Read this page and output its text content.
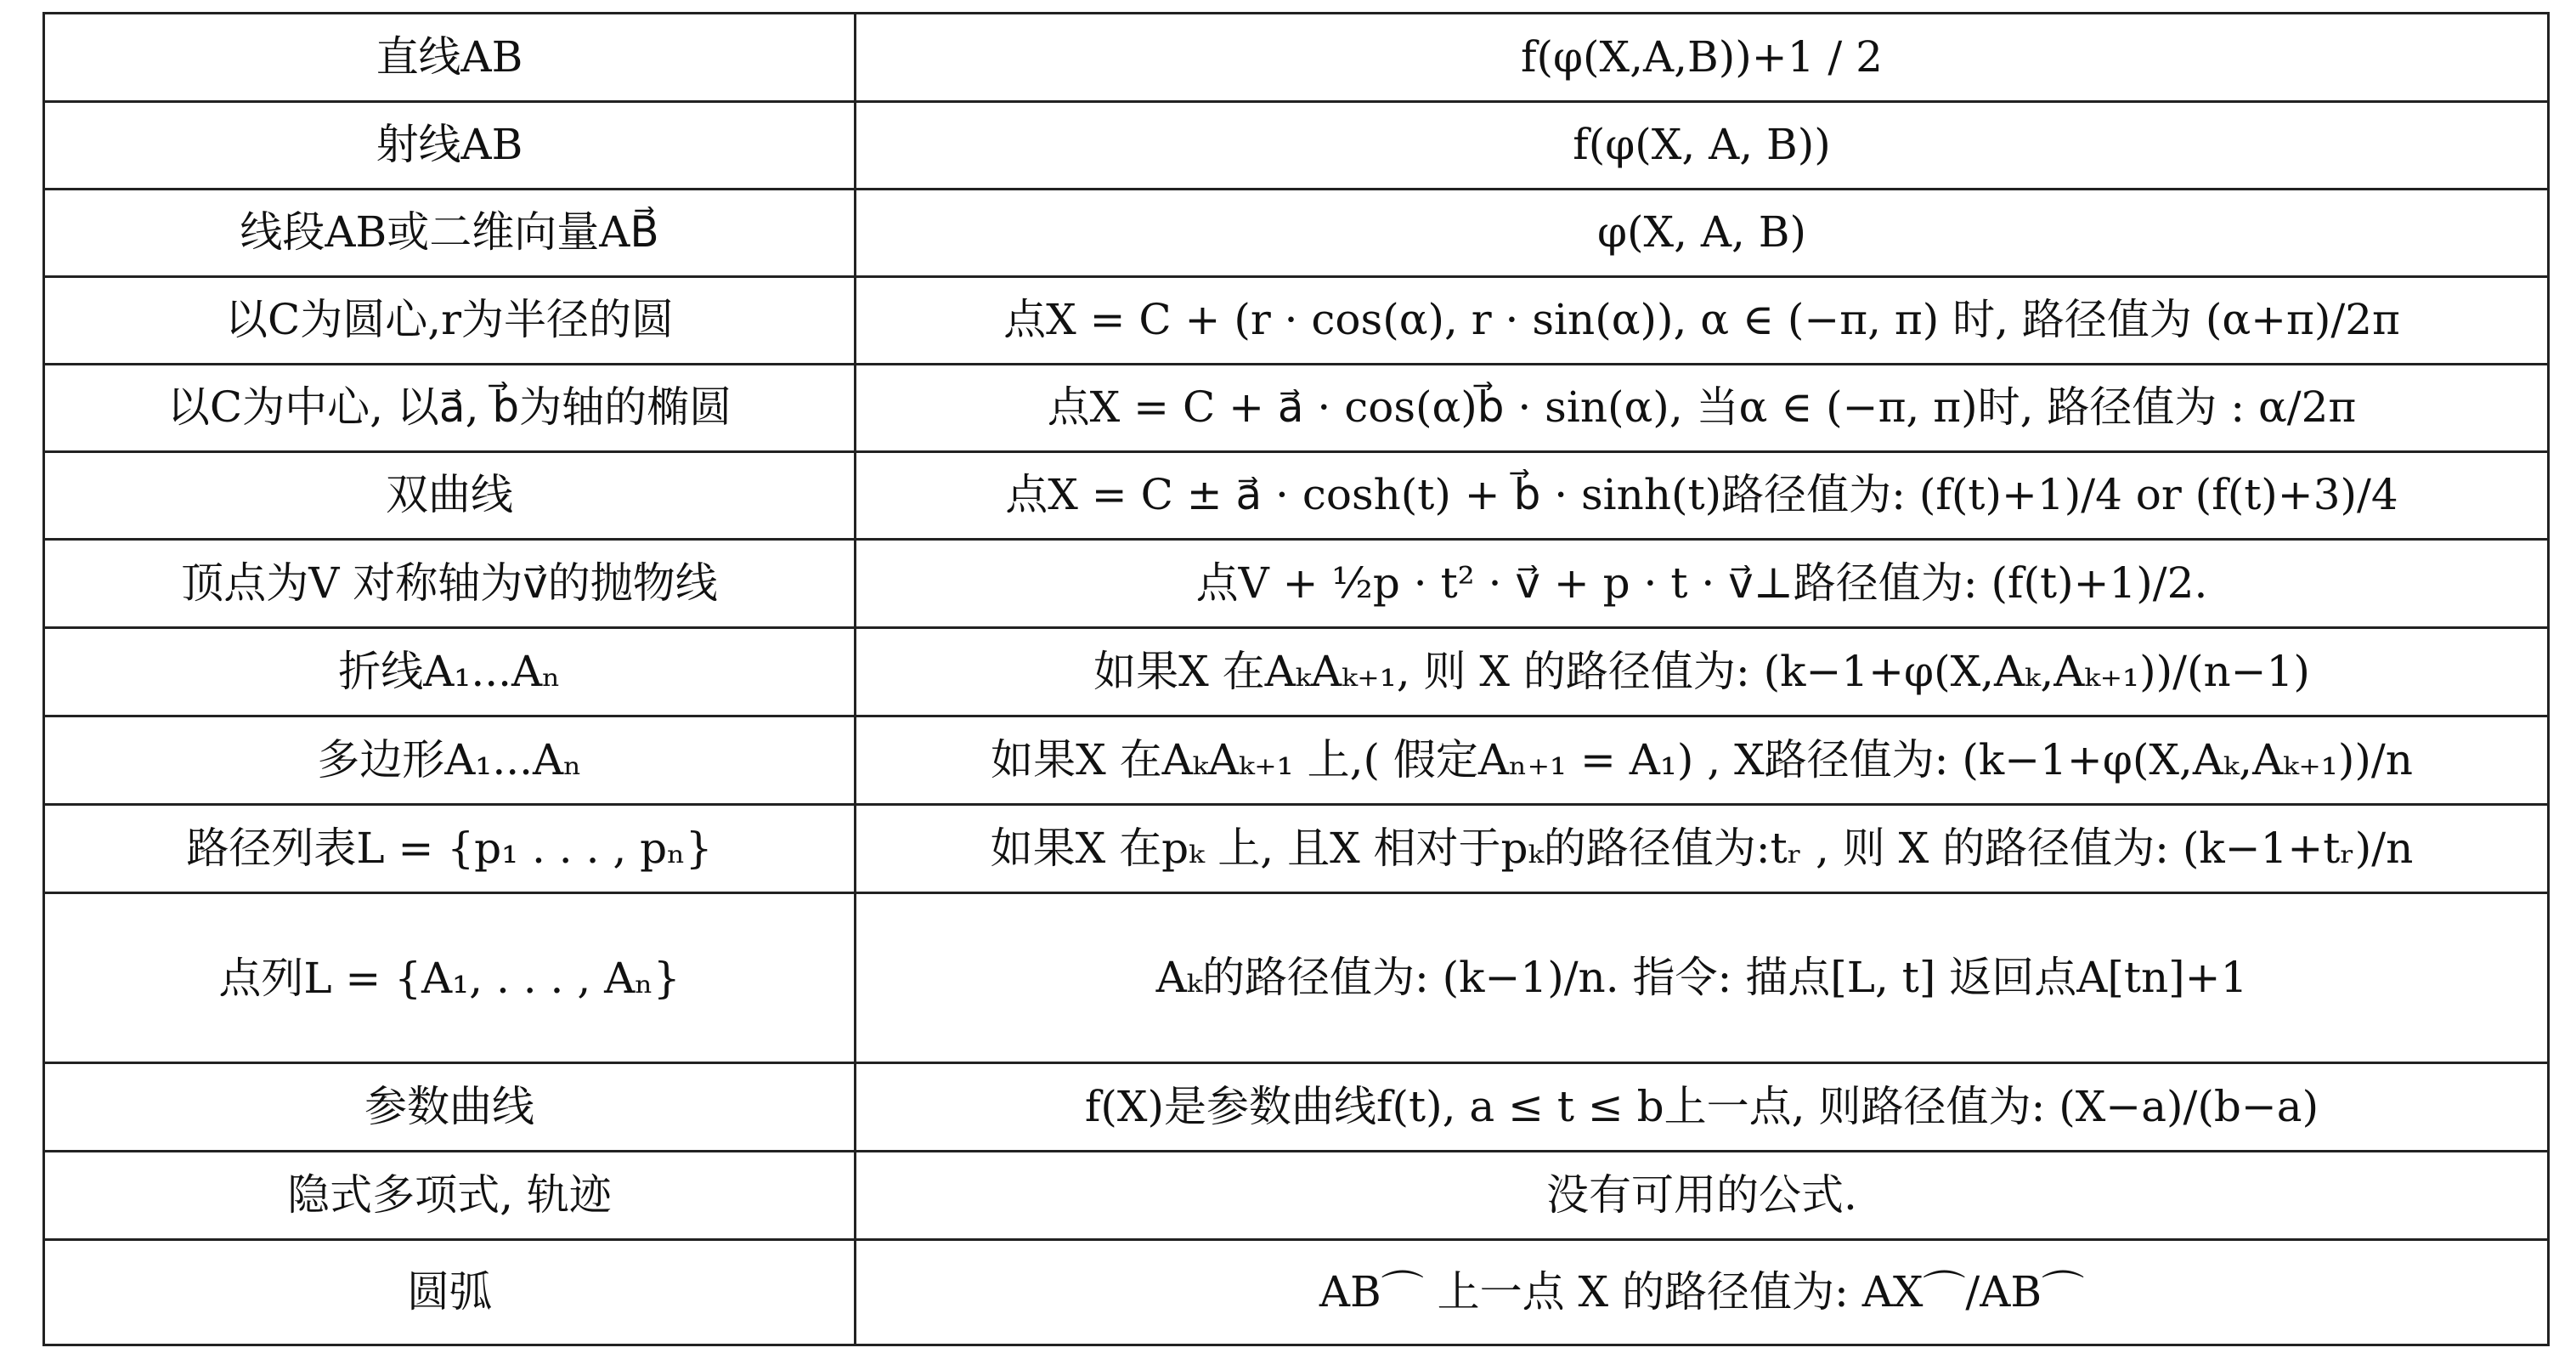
直线AB	f(φ(X,A,B))+1 / 2
射线AB	f(φ(X, A, B))
线段AB或二维向量AB⃗	φ(X, A, B)
以C为圆心,r为半径的圆	点X = C + (r · cos(α), r · sin(α)), α ∈ (−π, π) 时, 路径值为 (α+π)/2π
以C为中心, 以a⃗, b⃗为轴的椭圆	点X = C + a⃗ · cos(α)b⃗ · sin(α), 当α ∈ (−π, π)时, 路径值为 : α/2π
双曲线	点X = C ± a⃗ · cosh(t) + b⃗ · sinh(t)路径值为: (f(t)+1)/4 or (f(t)+3)/4
顶点为V 对称轴为v⃗的抛物线	点V + ½p · t² · v⃗ + p · t · v⃗⊥路径值为: (f(t)+1)/2.
折线A₁...Aₙ	如果X 在AₖAₖ₊₁, 则 X 的路径值为: (k−1+φ(X,Aₖ,Aₖ₊₁))/(n−1)
多边形A₁...Aₙ	如果X 在AₖAₖ₊₁ 上,( 假定Aₙ₊₁ = A₁) , X路径值为: (k−1+φ(X,Aₖ,Aₖ₊₁))/n
路径列表L = {p₁ . . . , pₙ}	如果X 在pₖ 上, 且X 相对于pₖ的路径值为:tᵣ , 则 X 的路径值为: (k−1+tᵣ)/n
点列L = {A₁, . . . , Aₙ}	Aₖ的路径值为: (k−1)/n. 指令: 描点[L, t] 返回点A[tn]+1
参数曲线	f(X)是参数曲线f(t), a ≤ t ≤ b上一点, 则路径值为: (X−a)/(b−a)
隐式多项式, 轨迹	没有可用的公式.
圆弧	AB⌒ 上一点 X 的路径值为: AX⌒/AB⌒
